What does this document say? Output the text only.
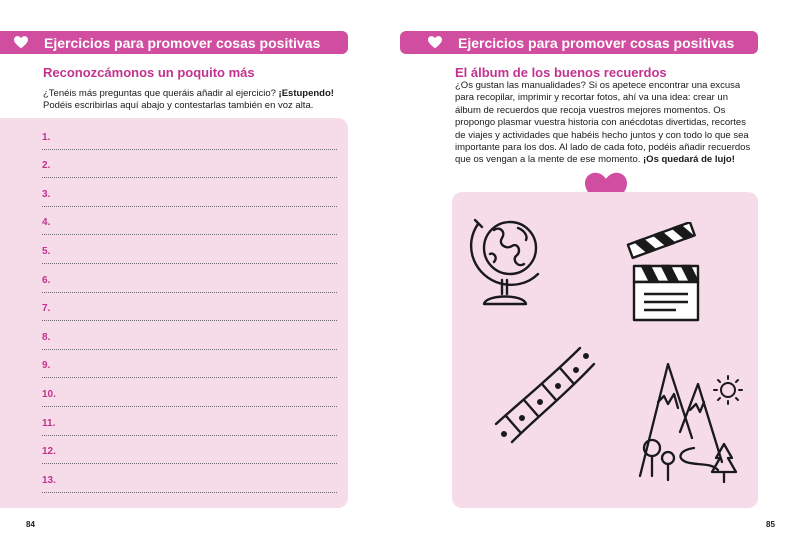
Ejercicios para promover cosas positivas
Reconozcámonos un poquito más
¿Tenéis más preguntas que queráis añadir al ejercicio? ¡Estupendo! Podéis escribirlas aquí abajo y contestarlas también en voz alta.
1.
2.
3.
4.
5.
6.
7.
8.
9.
10.
11.
12.
13.
84
Ejercicios para promover cosas positivas
El álbum de los buenos recuerdos
¿Os gustan las manualidades? Si os apetece encontrar una excusa para recopilar, imprimir y recortar fotos, ahí va una idea: crear un álbum de recuerdos que recoja vuestros mejores momentos. Os propongo plasmar vuestra historia con anécdotas divertidas, recortes de viajes y actividades que habéis hecho juntos y con todo lo que sea importante para los dos. Al lado de cada foto, podéis añadir recuerdos que os vengan a la mente de ese momento. ¡Os quedará de lujo!
85
